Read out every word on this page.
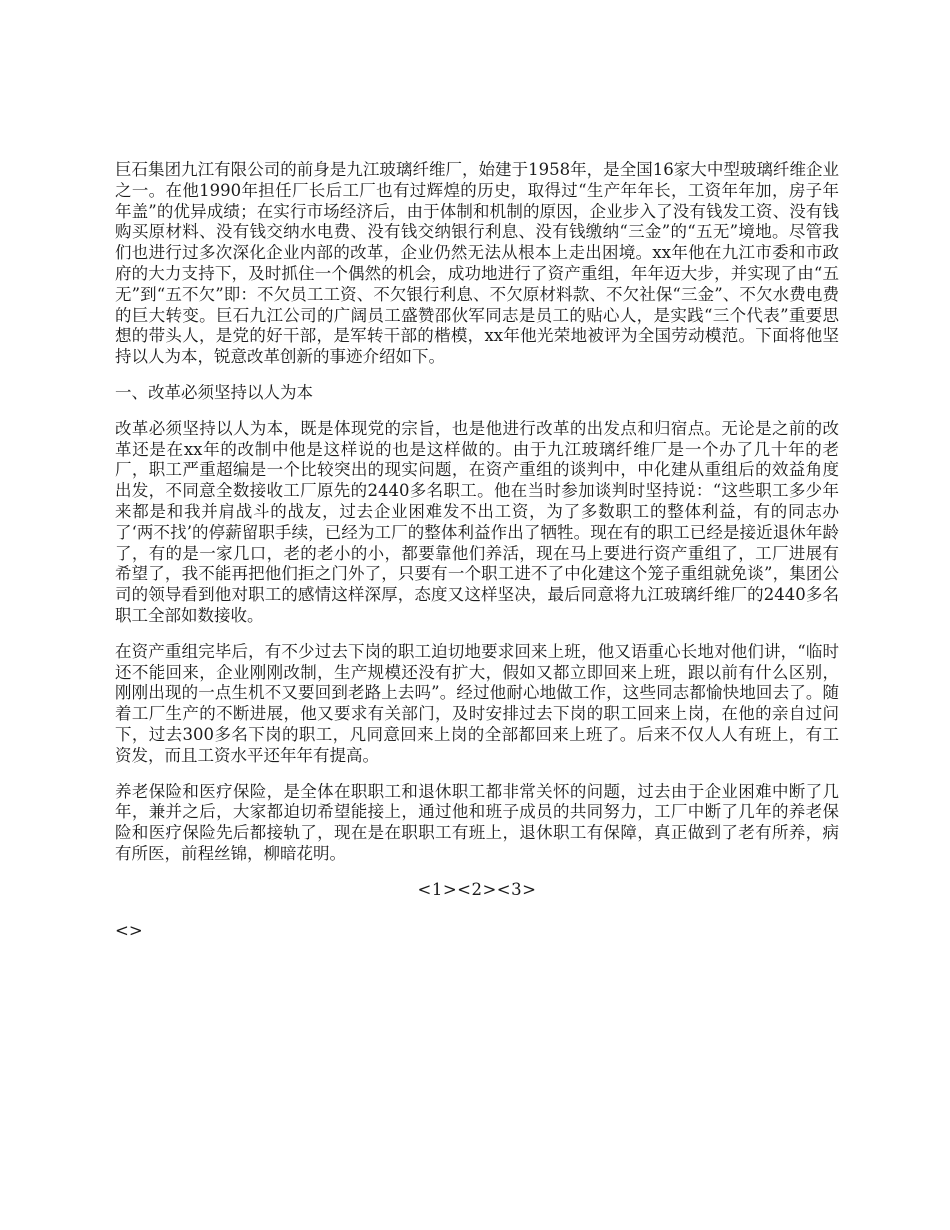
巨石集团九江有限公司的前身是九江玻璃纤维厂，始建于1958年，是全国16家大中型玻璃纤维企业之一。在他1990年担任厂长后工厂也有过辉煌的历史，取得过“生产年年长，工资年年加，房子年年盖”的优异成绩；在实行市场经济后，由于体制和机制的原因，企业步入了没有钱发工资、没有钱购买原材料、没有钱交纳水电费、没有钱交纳银行利息、没有钱缴纳“三金”的“五无”境地。尽管我们也进行过多次深化企业内部的改革，企业仍然无法从根本上走出困境。xx年他在九江市委和市政府的大力支持下，及时抓住一个偶然的机会，成功地进行了资产重组，年年迈大步，并实现了由“五无”到“五不欠”即：不欠员工工资、不欠银行利息、不欠原材料款、不欠社保“三金”、不欠水费电费的巨大转变。巨石九江公司的广阔员工盛赞邵伙军同志是员工的贴心人，是实践“三个代表”重要思想的带头人，是党的好干部，是军转干部的楷模，xx年他光荣地被评为全国劳动模范。下面将他坚持以人为本，锐意改革创新的事迹介绍如下。

一、改革必须坚持以人为本

改革必须坚持以人为本，既是体现党的宗旨，也是他进行改革的出发点和归宿点。无论是之前的改革还是在xx年的改制中他是这样说的也是这样做的。由于九江玻璃纤维厂是一个办了几十年的老厂，职工严重超编是一个比较突出的现实问题，在资产重组的谈判中，中化建从重组后的效益角度出发，不同意全数接收工厂原先的2440多名职工。他在当时参加谈判时坚持说：“这些职工多少年来都是和我并肩战斗的战友，过去企业困难发不出工资，为了多数职工的整体利益，有的同志办了‘两不找’的停薪留职手续，已经为工厂的整体利益作出了牺牲。现在有的职工已经是接近退休年龄了，有的是一家几口，老的老小的小，都要靠他们养活，现在马上要进行资产重组了，工厂进展有希望了，我不能再把他们拒之门外了，只要有一个职工进不了中化建这个笼子重组就免谈”，集团公司的领导看到他对职工的感情这样深厚，态度又这样坚决，最后同意将九江玻璃纤维厂的2440多名职工全部如数接收。

在资产重组完毕后，有不少过去下岗的职工迫切地要求回来上班，他又语重心长地对他们讲，“临时还不能回来，企业刚刚改制，生产规模还没有扩大，假如又都立即回来上班，跟以前有什么区别，刚刚出现的一点生机不又要回到老路上去吗”。经过他耐心地做工作，这些同志都愉快地回去了。随着工厂生产的不断进展，他又要求有关部门，及时安排过去下岗的职工回来上岗，在他的亲自过问下，过去300多名下岗的职工，凡同意回来上岗的全部都回来上班了。后来不仅人人有班上，有工资发，而且工资水平还年年有提高。

养老保险和医疗保险，是全体在职职工和退休职工都非常关怀的问题，过去由于企业困难中断了几年，兼并之后，大家都迫切希望能接上，通过他和班子成员的共同努力，工厂中断了几年的养老保险和医疗保险先后都接轨了，现在是在职职工有班上，退休职工有保障，真正做到了老有所养，病有所医，前程丝锦，柳暗花明。

<1><2><3>
<>
